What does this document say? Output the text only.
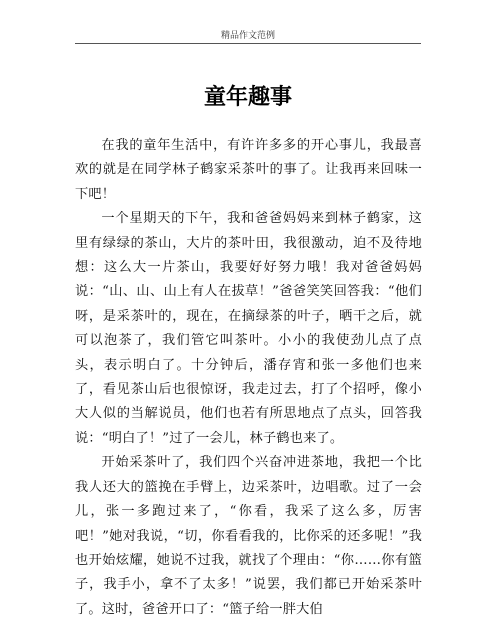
精品作文范例
童年趣事

在我的童年生活中，有许许多多的开心事儿，我最喜欢的就是在同学林子鹤家采茶叶的事了。让我再来回味一下吧！

一个星期天的下午，我和爸爸妈妈来到林子鹤家，这里有绿绿的茶山，大片的茶叶田，我很激动，迫不及待地想：这么大一片茶山，我要好好努力哦！我对爸爸妈妈说：“山、山、山上有人在拔草！”爸爸笑笑回答我：“他们呀，是采茶叶的，现在，在摘绿茶的叶子，晒干之后，就可以泡茶了，我们管它叫茶叶。小小的我使劲儿点了点头，表示明白了。十分钟后，潘存宵和张一多他们也来了，看见茶山后也很惊讶，我走过去，打了个招呼，像小大人似的当解说员，他们也若有所思地点了点头，回答我说：“明白了！”过了一会儿，林子鹤也来了。

开始采茶叶了，我们四个兴奋冲进茶地，我把一个比我人还大的篮挽在手臂上，边采茶叶，边唱歌。过了一会儿，张一多跑过来了，“你看，我采了这么多，厉害吧！”她对我说，“切，你看看我的，比你采的还多呢！”我也开始炫耀，她说不过我，就找了个理由：“你……你有篮子，我手小，拿不了太多！”说罢，我们都已开始采茶叶了。这时，爸爸开口了：“篮子给一胖大伯
